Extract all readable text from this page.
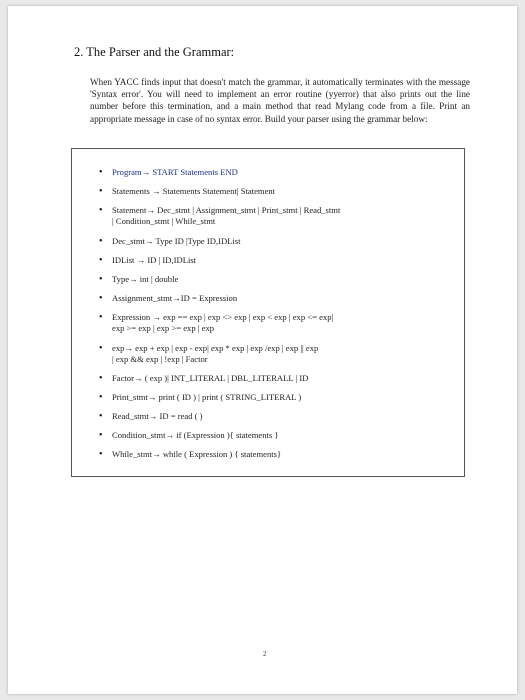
2. The Parser and the Grammar:
When YACC finds input that doesn't match the grammar, it automatically terminates with the message 'Syntax error'. You will need to implement an error routine (yyerror) that also prints out the line number before this termination, and a main method that read Mylang code from a file. Print an appropriate message in case of no syntax error. Build your parser using the grammar below:
• Program→ START Statements END
• Statements → Statements Statement| Statement
• Statement→ Dec_stmt | Assignment_stmt | Print_stmt | Read_stmt
| Condition_stmt | While_stmt
• Dec_stmt→ Type ID |Type ID,IDList
• IDList → ID | ID,IDList
• Type→ int | double
• Assignment_stmt→ID = Expression
• Expression → exp == exp | exp <> exp | exp < exp | exp <= exp|
exp >= exp | exp >= exp | exp
• exp→ exp + exp | exp - exp| exp * exp | exp /exp | exp || exp
| exp && exp | !exp | Factor
• Factor→ ( exp )| INT_LITERAL | DBL_LITERALL | ID
• Print_stmt→ print ( ID ) | print ( STRING_LITERAL )
• Read_stmt→ ID = read ( )
• Condition_stmt→ if (Expression ){ statements }
• While_stmt→ while ( Expression ) { statements}
2
